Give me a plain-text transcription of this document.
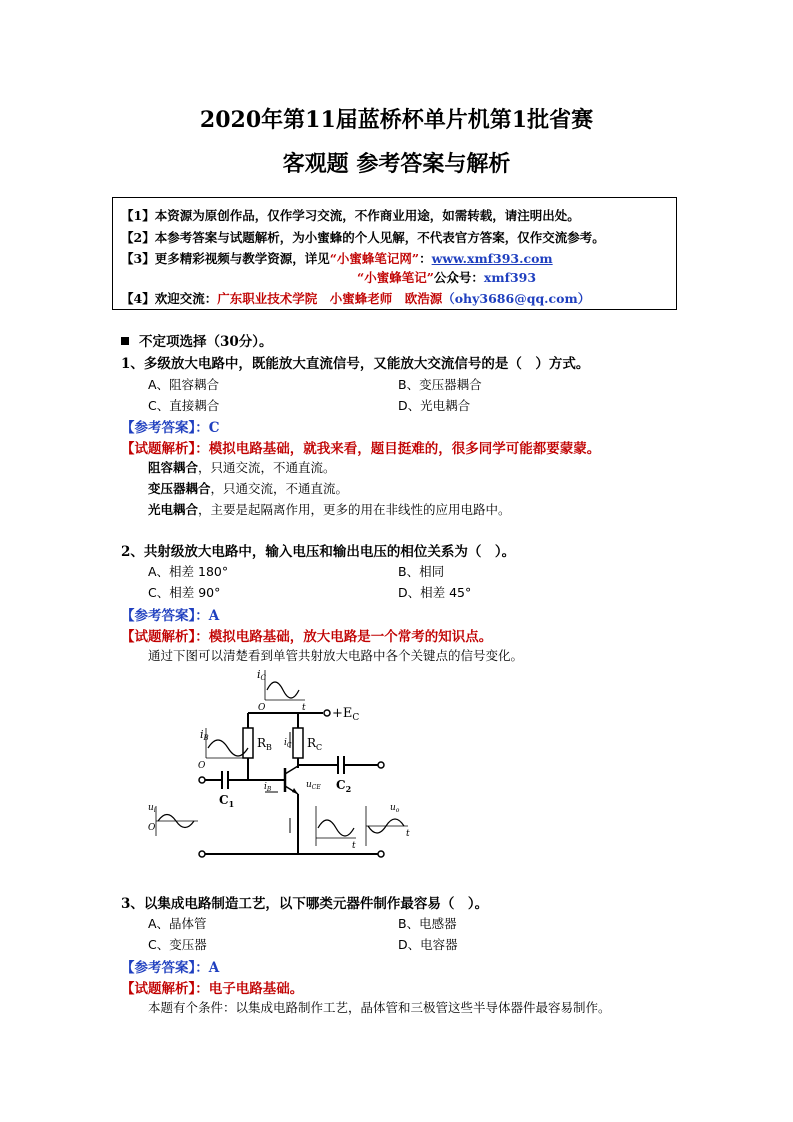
2020年第11届蓝桥杯单片机第1批省赛
客观题 参考答案与解析
【1】本资源为原创作品，仅作学习交流，不作商业用途，如需转载，请注明出处。
【2】本参考答案与试题解析，为小蜜蜂的个人见解，不代表官方答案，仅作交流参考。
【3】更多精彩视频与教学资源，详见“小蜜蜂笔记网”：www.xmf393.com
“小蜜蜂笔记”公众号：xmf393
【4】欢迎交流：广东职业技术学院　小蜜蜂老师　欧浩源（ohy3686@qq.com）
不定项选择（30分）。
1、多级放大电路中，既能放大直流信号，又能放大交流信号的是（　）方式。
A、阻容耦合	B、变压器耦合
C、直接耦合	D、光电耦合
【参考答案】：C
【试题解析】：模拟电路基础，就我来看，题目挺难的，很多同学可能都要蒙蒙。
阻容耦合，只通交流，不通直流。
变压器耦合，只通交流，不通直流。
光电耦合，主要是起隔离作用，更多的用在非线性的应用电路中。
2、共射级放大电路中，输入电压和输出电压的相位关系为（　）。
A、相差 180°	B、相同
C、相差 90°	D、相差 45°
【参考答案】：A
【试题解析】：模拟电路基础，放大电路是一个常考的知识点。
通过下图可以清楚看到单管共射放大电路中各个关键点的信号变化。
$+E_C$
$R_B$	$R_C$
$C_1$
$C_2$
iC
iB	$i_C$
$i_B$	$u_{CE}$
$u_i$	$u_o$
O	t
O
O
t
t
3、以集成电路制造工艺，以下哪类元器件制作最容易（　）。
A、晶体管	B、电感器
C、变压器	D、电容器
【参考答案】：A
【试题解析】：电子电路基础。
本题有个条件：以集成电路制作工艺，晶体管和三极管这些半导体器件最容易制作。
